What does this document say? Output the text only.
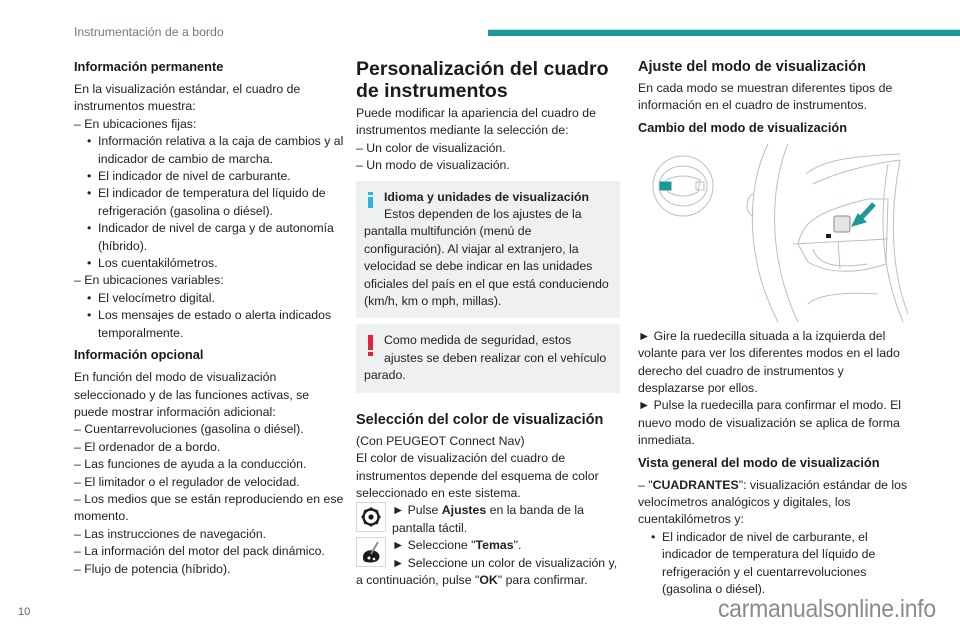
Instrumentación de a bordo
Información permanente

En la visualización estándar, el cuadro de instrumentos muestra:

– En ubicaciones fijas:

• Información relativa a la caja de cambios y al indicador de cambio de marcha.

• El indicador de nivel de carburante.

• El indicador de temperatura del líquido de refrigeración (gasolina o diésel).

• Indicador de nivel de carga y de autonomía (híbrido).

• Los cuentakilómetros.

– En ubicaciones variables:

• El velocímetro digital.

• Los mensajes de estado o alerta indicados temporalmente.

Información opcional

En función del modo de visualización seleccionado y de las funciones activas, se puede mostrar información adicional:

– Cuentarrevoluciones (gasolina o diésel).

– El ordenador de a bordo.

– Las funciones de ayuda a la conducción.

– El limitador o el regulador de velocidad.

– Los medios que se están reproduciendo en ese momento.

– Las instrucciones de navegación.

– La información del motor del pack dinámico.

– Flujo de potencia (híbrido).

Personalización del cuadro de instrumentos

Puede modificar la apariencia del cuadro de instrumentos mediante la selección de:

– Un color de visualización.

– Un modo de visualización.

Idioma y unidades de visualización

Estos dependen de los ajustes de la pantalla multifunción (menú de configuración). Al viajar al extranjero, la velocidad se debe indicar en las unidades oficiales del país en el que está conduciendo (km/h, km o mph, millas).

Como medida de seguridad, estos ajustes se deben realizar con el vehículo parado.

Selección del color de visualización

(Con PEUGEOT Connect Nav)

El color de visualización del cuadro de instrumentos depende del esquema de color seleccionado en este sistema.

► Pulse Ajustes en la banda de la pantalla táctil.

► Seleccione "Temas".

► Seleccione un color de visualización y, a continuación, pulse "OK" para confirmar.

Ajuste del modo de visualización

En cada modo se muestran diferentes tipos de información en el cuadro de instrumentos.

Cambio del modo de visualización

► Gire la ruedecilla situada a la izquierda del volante para ver los diferentes modos en el lado derecho del cuadro de instrumentos y desplazarse por ellos.

► Pulse la ruedecilla para confirmar el modo. El nuevo modo de visualización se aplica de forma inmediata.

Vista general del modo de visualización

– "CUADRANTES": visualización estándar de los velocímetros analógicos y digitales, los cuentakilómetros y:

• El indicador de nivel de carburante, el indicador de temperatura del líquido de refrigeración y el cuentarrevoluciones (gasolina o diésel).

10	carmanualsonline.info
